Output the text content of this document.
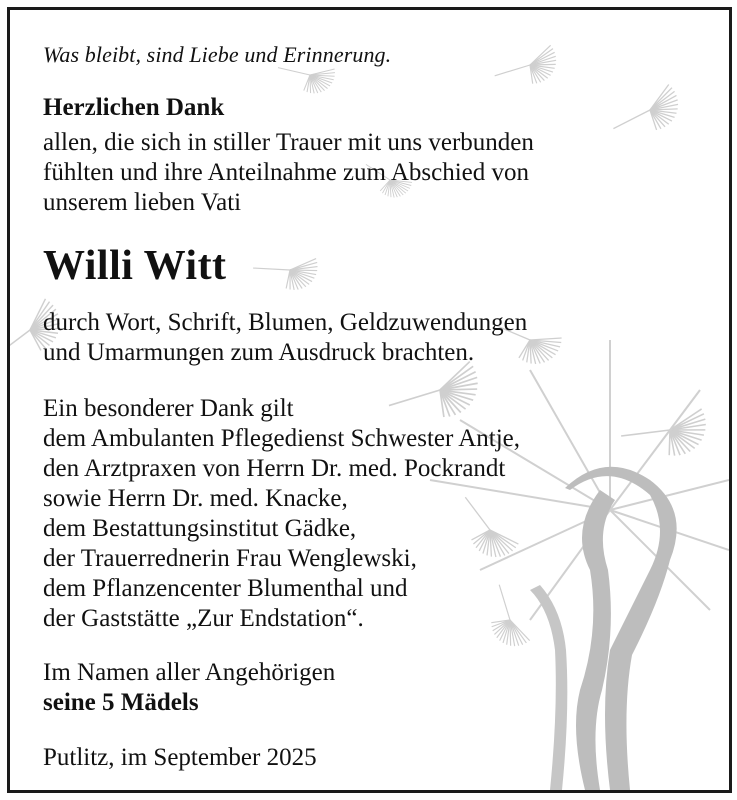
Was bleibt, sind Liebe und Erinnerung.
Herzlichen Dank
allen, die sich in stiller Trauer mit uns verbunden
fühlten und ihre Anteilnahme zum Abschied von
unserem lieben Vati
Willi Witt
durch Wort, Schrift, Blumen, Geldzuwendungen
und Umarmungen zum Ausdruck brachten.
Ein besonderer Dank gilt
dem Ambulanten Pflegedienst Schwester Antje,
den Arztpraxen von Herrn Dr. med. Pockrandt
sowie Herrn Dr. med. Knacke,
dem Bestattungsinstitut Gädke,
der Trauerrednerin Frau Wenglewski,
dem Pflanzencenter Blumenthal und
der Gaststätte „Zur Endstation“.
Im Namen aller Angehörigen
seine 5 Mädels
Putlitz, im September 2025
